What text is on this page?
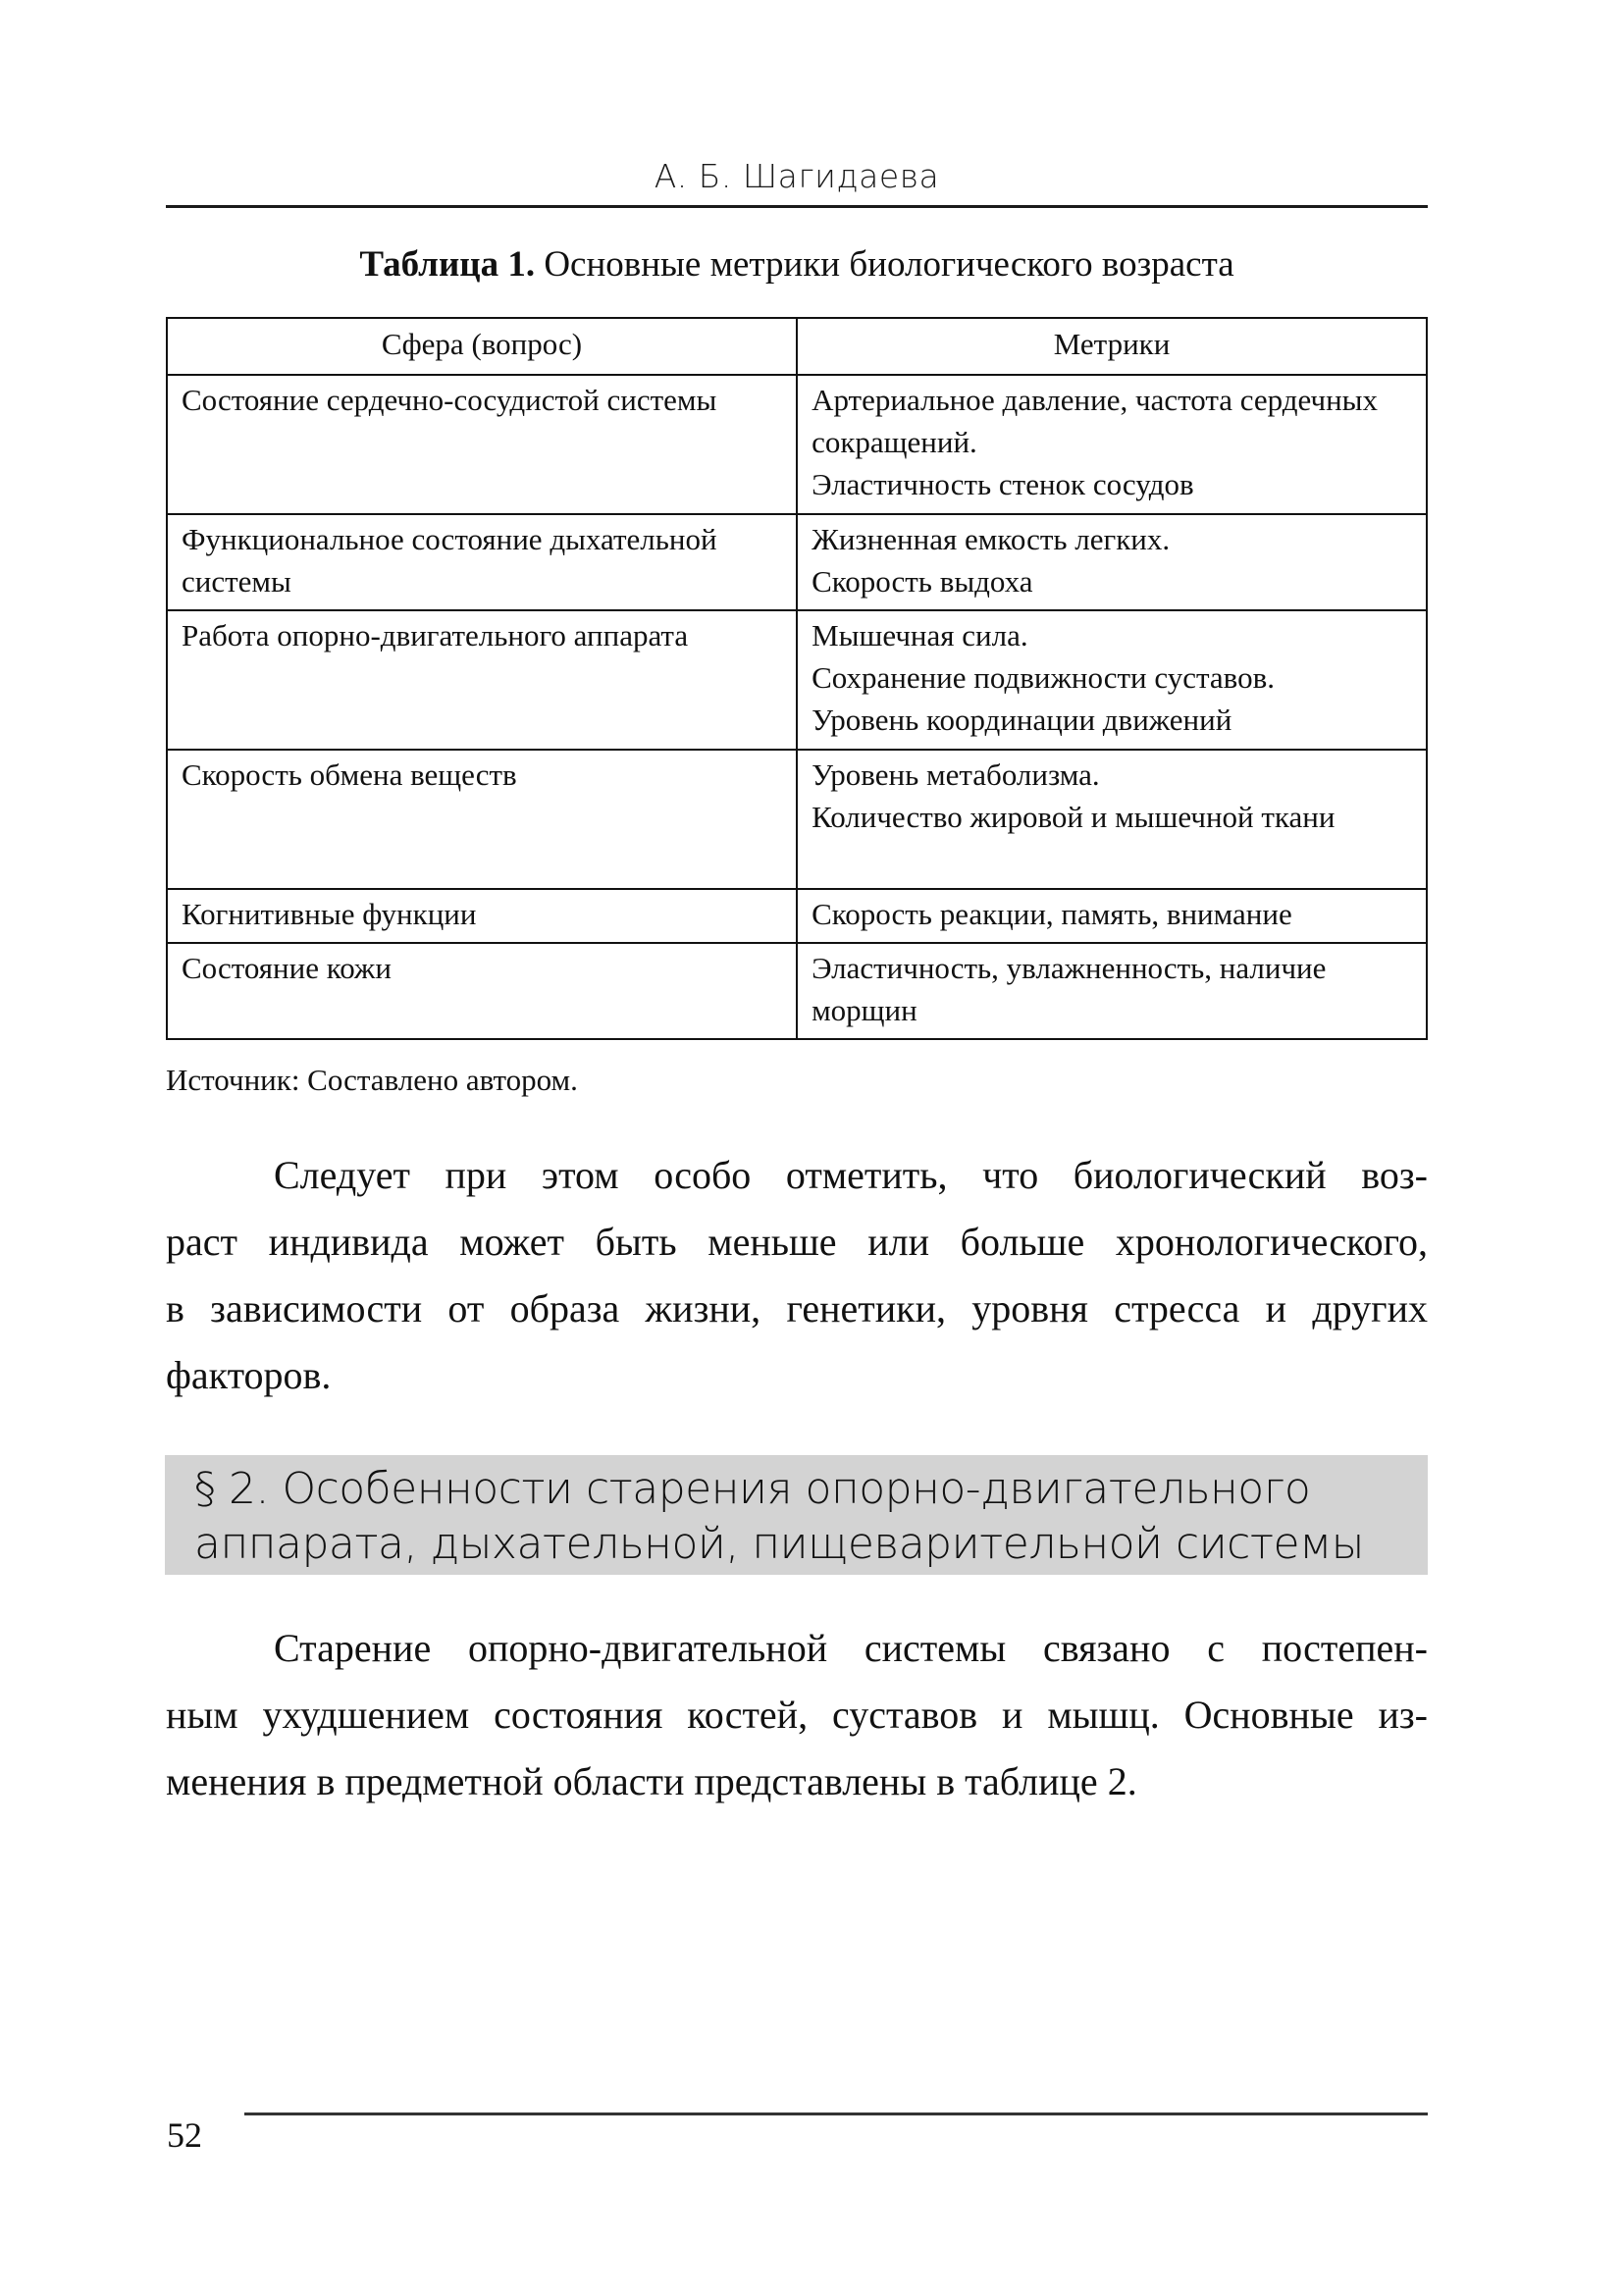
А. Б. Шагидаева
Таблица 1. Основные метрики биологического возраста
Сфера (вопрос)	Метрики
Состояние сердечно-сосудистой системы	Артериальное давление, частота сердечных сокращений.
Эластичность стенок сосудов

Функциональное состояние дыхательной системы	Жизненная емкость легких.
Скорость выдоха

Работа опорно-двигательного аппарата	Мышечная сила.
Сохранение подвижности суставов.
Уровень координации движений

Скорость обмена веществ	Уровень метаболизма.
Количество жировой и мышечной ткани

Когнитивные функции	Скорость реакции, память, внимание

Состояние кожи	Эластичность, увлажненность, наличие морщин
Источник: Составлено автором.
Следует при этом особо отметить, что биологический воз-
раст индивида может быть меньше или больше хронологического,
в зависимости от образа жизни, генетики, уровня стресса и других
факторов.
§ 2. Особенности старения опорно-двигательного
аппарата, дыхательной, пищеварительной системы
Старение опорно-двигательной системы связано с постепен-
ным ухудшением состояния костей, суставов и мышц. Основные из-
менения в предметной области представлены в таблице 2.
52
